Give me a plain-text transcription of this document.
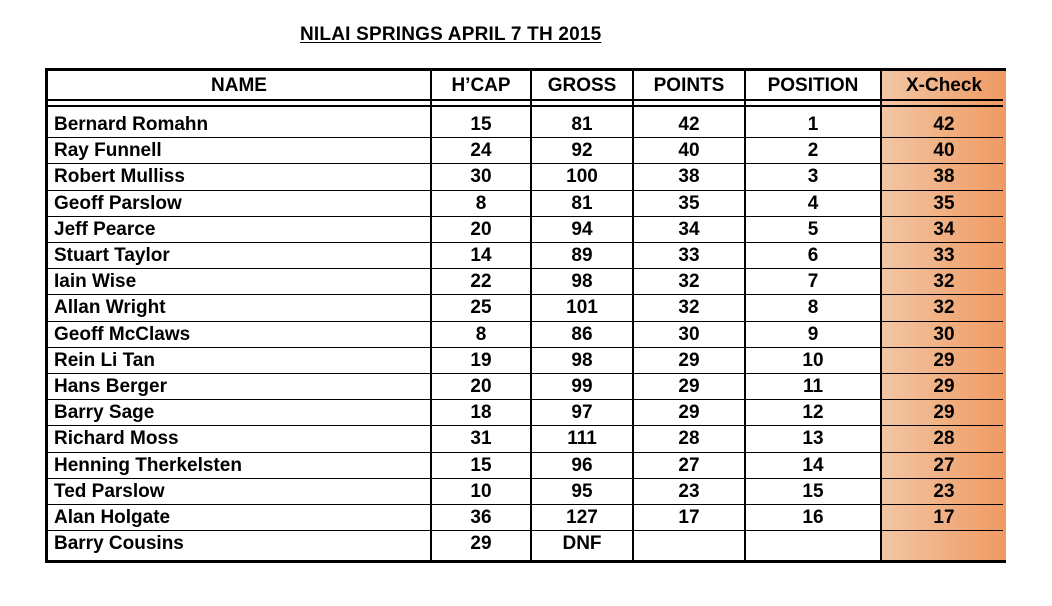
NILAI SPRINGS APRIL 7 TH 2015
NAME	H’CAP	GROSS	POINTS	POSITION	X-Check
Bernard Romahn	15	81	42	1	42
Ray Funnell	24	92	40	2	40
Robert Mulliss	30	100	38	3	38
Geoff Parslow	8	81	35	4	35
Jeff Pearce	20	94	34	5	34
Stuart Taylor	14	89	33	6	33
Iain Wise	22	98	32	7	32
Allan Wright	25	101	32	8	32
Geoff McClaws	8	86	30	9	30
Rein Li Tan	19	98	29	10	29
Hans Berger	20	99	29	11	29
Barry Sage	18	97	29	12	29
Richard Moss	31	111	28	13	28
Henning Therkelsten	15	96	27	14	27
Ted Parslow	10	95	23	15	23
Alan Holgate	36	127	17	16	17
Barry Cousins	29	DNF
